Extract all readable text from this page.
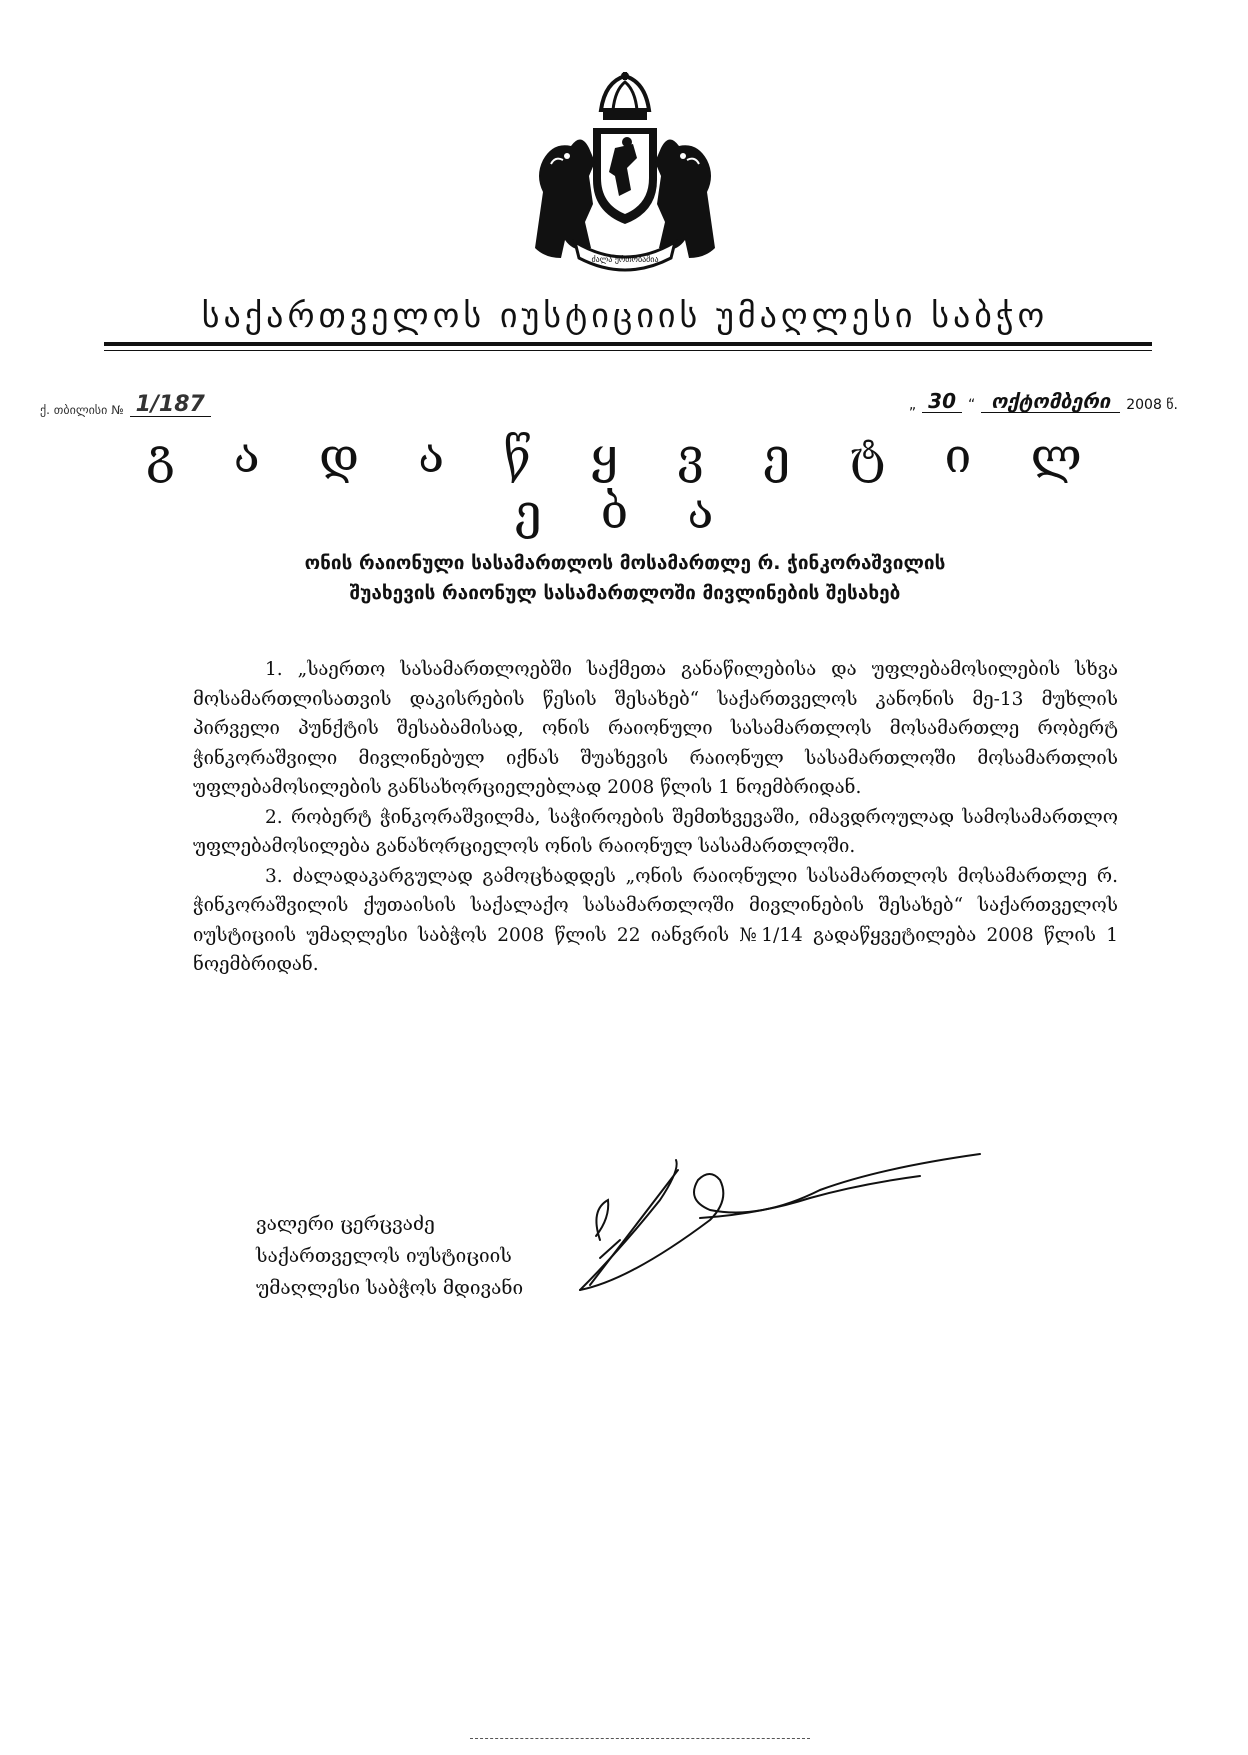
ძალა ერთობაშია
საქართველოს იუსტიციის უმაღლესი საბჭო
ქ. თბილისი № 1/187	„ 30 “ ოქტომბერი	2008 წ.
გ ა დ ა წ ყ ვ ე ტ ი ლ ე ბ ა
ონის რაიონული სასამართლოს მოსამართლე რ. ჭინკორაშვილის
შუახევის რაიონულ სასამართლოში მივლინების შესახებ

1. „საერთო სასამართლოებში საქმეთა განაწილებისა და უფლებამოსილების სხვა მოსამართლისათვის დაკისრების წესის შესახებ“ საქართველოს კანონის მე-13 მუხლის პირველი პუნქტის შესაბამისად, ონის რაიონული სასამართლოს მოსამართლე რობერტ ჭინკორაშვილი მივლინებულ იქნას შუახევის რაიონულ სასამართლოში მოსამართლის უფლებამოსილების განსახორციელებლად 2008 წლის 1 ნოემბრიდან.

2. რობერტ ჭინკორაშვილმა, საჭიროების შემთხვევაში, იმავდროულად სამოსამართლო უფლებამოსილება განახორციელოს ონის რაიონულ სასამართლოში.

3. ძალადაკარგულად გამოცხადდეს „ონის რაიონული სასამართლოს მოსამართლე რ. ჭინკორაშვილის ქუთაისის საქალაქო სასამართლოში მივლინების შესახებ“ საქართველოს იუსტიციის უმაღლესი საბჭოს 2008 წლის 22 იანვრის №1/14 გადაწყვეტილება 2008 წლის 1 ნოემბრიდან.

ვალერი ცერცვაძე
საქართველოს იუსტიციის
უმაღლესი საბჭოს მდივანი
